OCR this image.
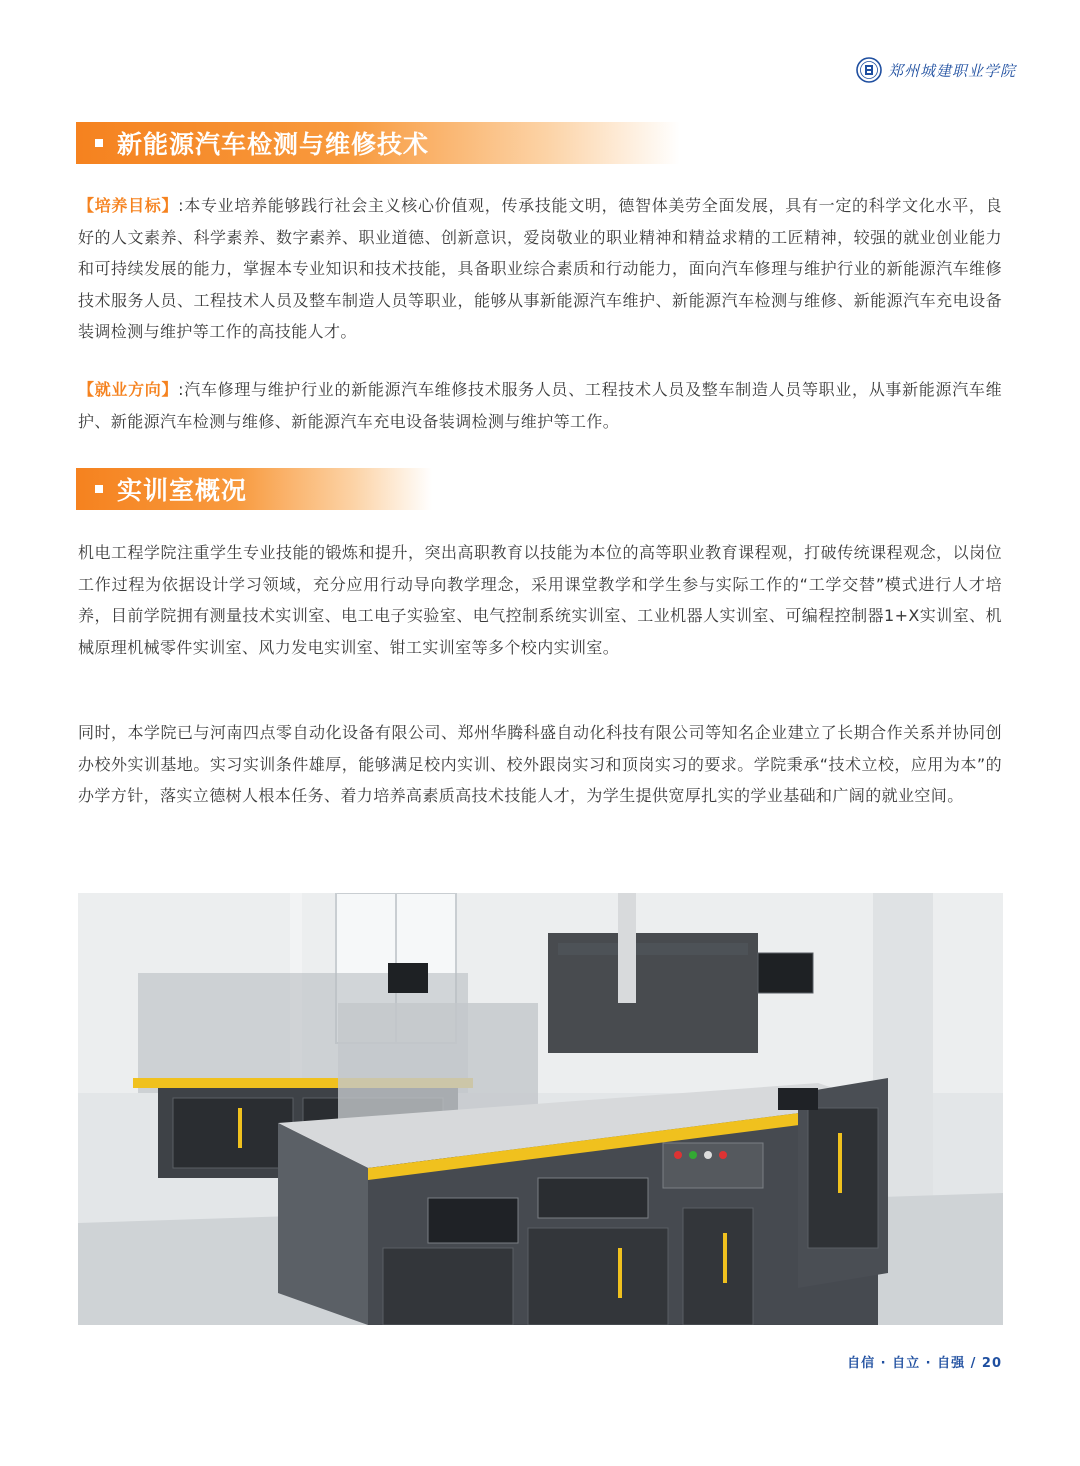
郑州城建职业学院
新能源汽车检测与维修技术
【培养目标】:本专业培养能够践行社会主义核心价值观，传承技能文明，德智体美劳全面发展，具有一定的科学文化水平，良好的人文素养、科学素养、数字素养、职业道德、创新意识，爱岗敬业的职业精神和精益求精的工匠精神，较强的就业创业能力和可持续发展的能力，掌握本专业知识和技术技能，具备职业综合素质和行动能力，面向汽车修理与维护行业的新能源汽车维修技术服务人员、工程技术人员及整车制造人员等职业，能够从事新能源汽车维护、新能源汽车检测与维修、新能源汽车充电设备装调检测与维护等工作的高技能人才。
【就业方向】:汽车修理与维护行业的新能源汽车维修技术服务人员、工程技术人员及整车制造人员等职业，从事新能源汽车维护、新能源汽车检测与维修、新能源汽车充电设备装调检测与维护等工作。
实训室概况
机电工程学院注重学生专业技能的锻炼和提升，突出高职教育以技能为本位的高等职业教育课程观，打破传统课程观念，以岗位工作过程为依据设计学习领域，充分应用行动导向教学理念，采用课堂教学和学生参与实际工作的“工学交替”模式进行人才培养，目前学院拥有测量技术实训室、电工电子实验室、电气控制系统实训室、工业机器人实训室、可编程控制器1+X实训室、机械原理机械零件实训室、风力发电实训室、钳工实训室等多个校内实训室。
同时，本学院已与河南四点零自动化设备有限公司、郑州华腾科盛自动化科技有限公司等知名企业建立了长期合作关系并协同创办校外实训基地。实习实训条件雄厚，能够满足校内实训、校外跟岗实习和顶岗实习的要求。学院秉承“技术立校，应用为本”的办学方针，落实立德树人根本任务、着力培养高素质高技术技能人才，为学生提供宽厚扎实的学业基础和广阔的就业空间。
自信 · 自立 · 自强 / 20
